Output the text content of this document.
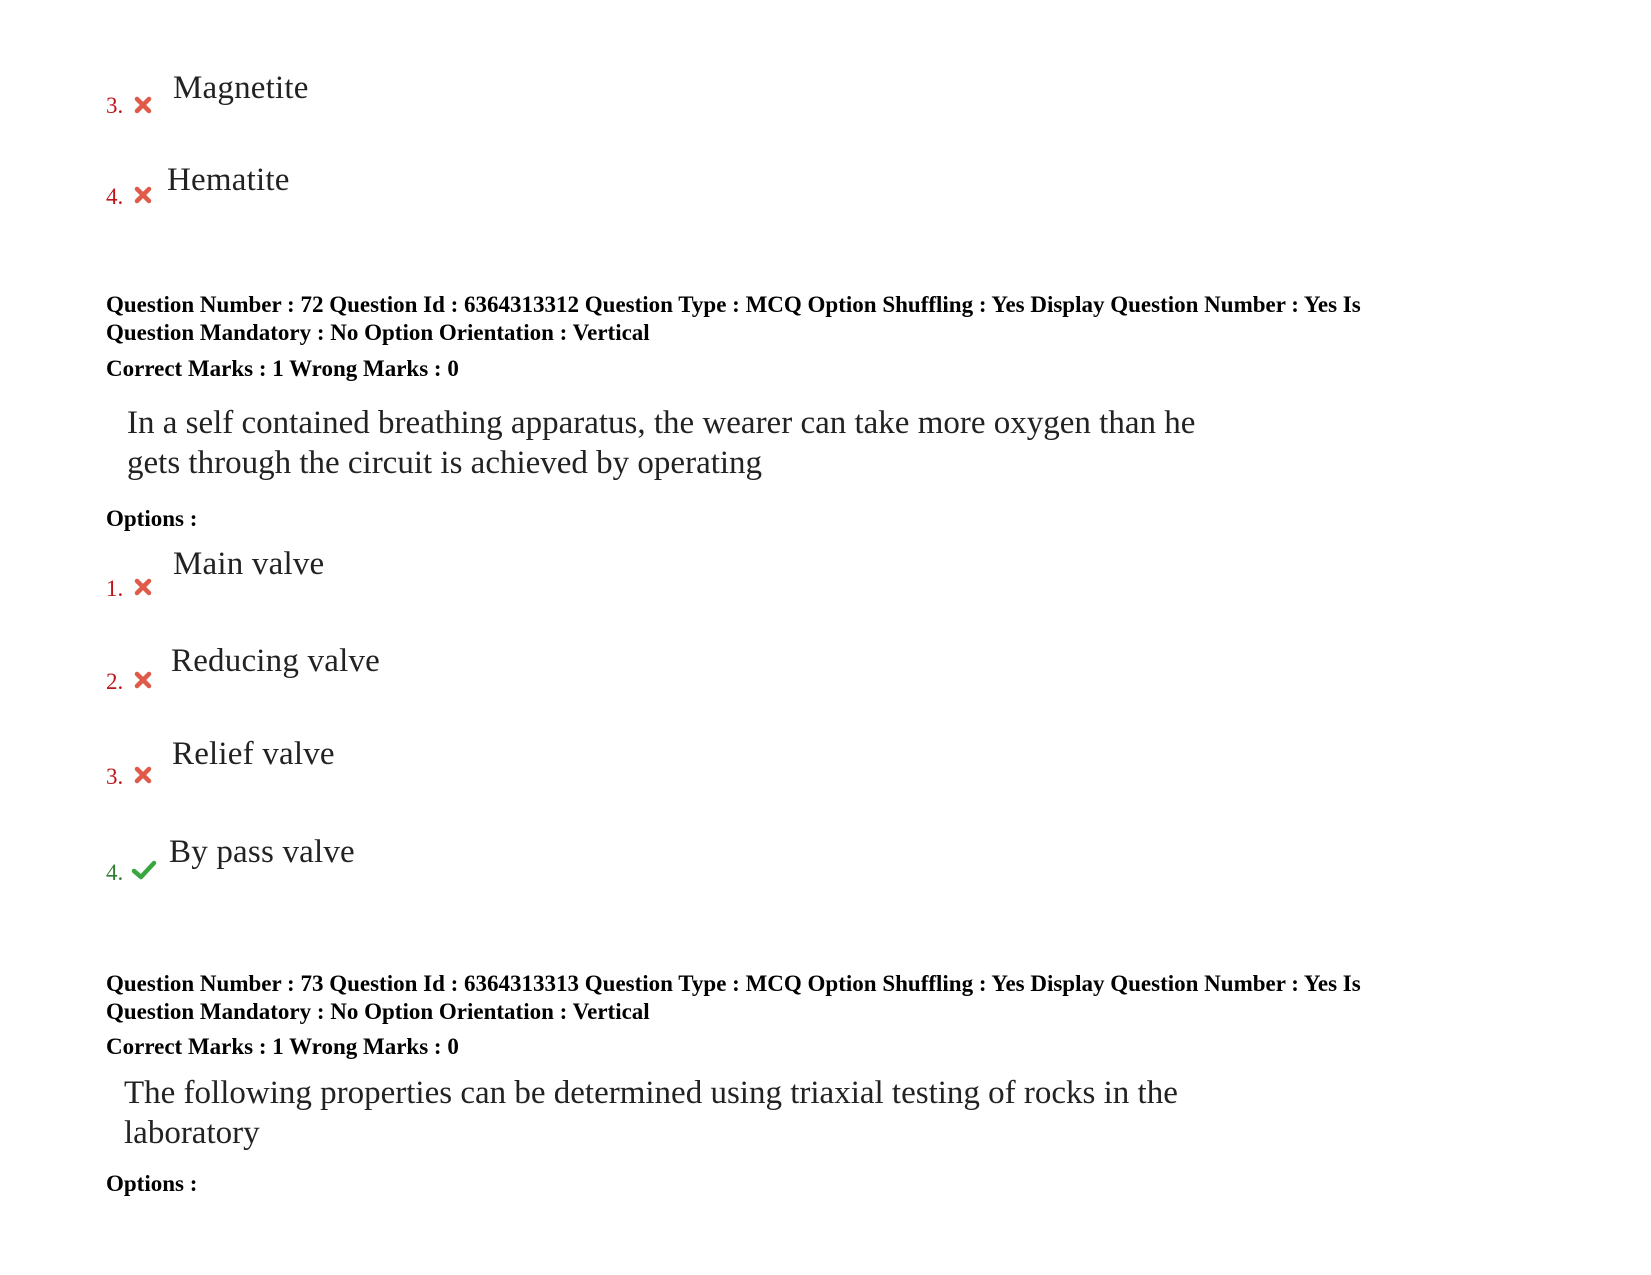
3. Magnetite
4. Hematite
Question Number : 72 Question Id : 6364313312 Question Type : MCQ Option Shuffling : Yes Display Question Number : Yes Is
Question Mandatory : No Option Orientation : Vertical
Correct Marks : 1 Wrong Marks : 0
In a self contained breathing apparatus, the wearer can take more oxygen than he
gets through the circuit is achieved by operating
Options :
1.
Main valve
2.
Reducing valve
3.
Relief valve
4.
By pass valve
Question Number : 73 Question Id : 6364313313 Question Type : MCQ Option Shuffling : Yes Display Question Number : Yes Is
Question Mandatory : No Option Orientation : Vertical
Correct Marks : 1 Wrong Marks : 0
The following properties can be determined using triaxial testing of rocks in the
laboratory
Options :
